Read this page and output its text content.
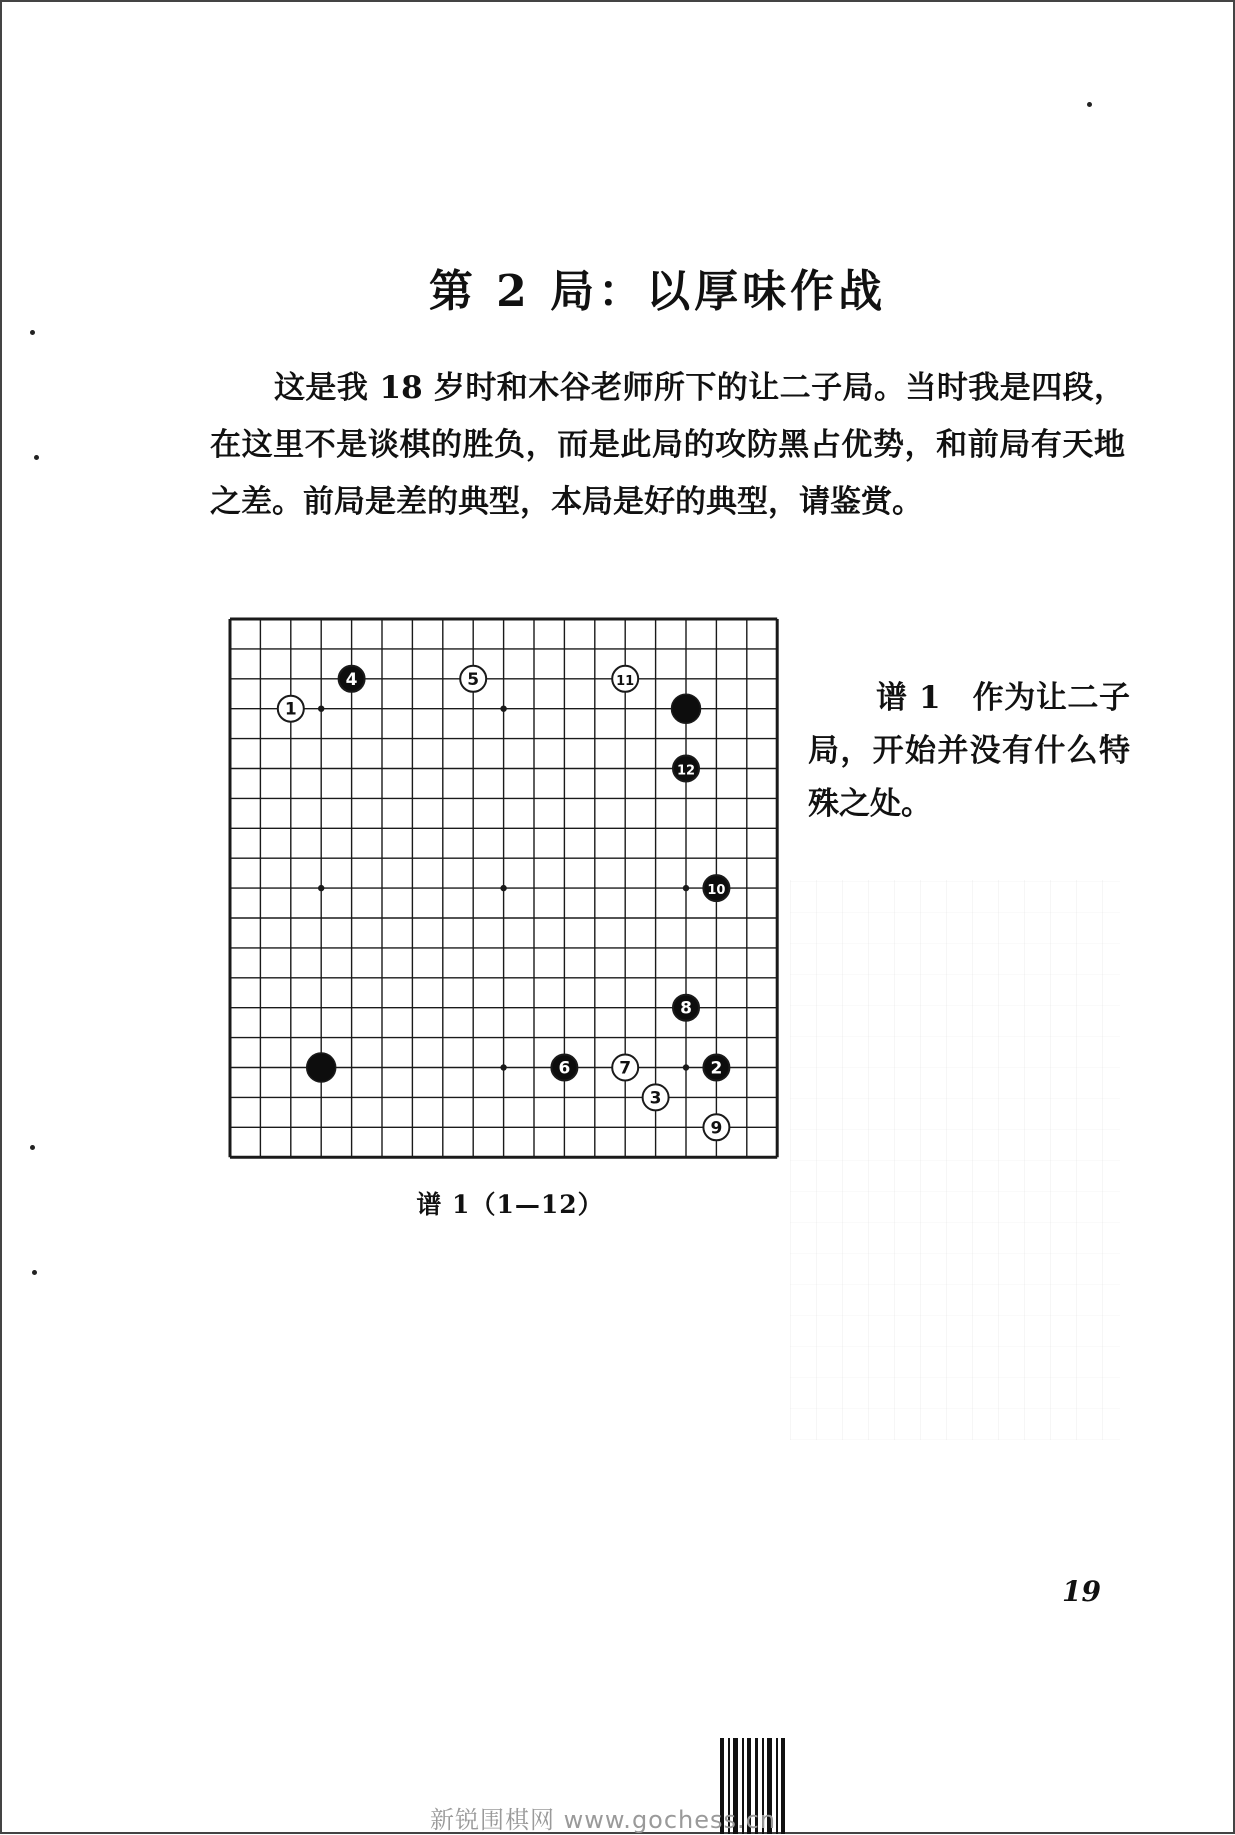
第 2 局：以厚味作战
这是我 18 岁时和木谷老师所下的让二子局。当时我是四段，在这里不是谈棋的胜负，而是此局的攻防黑占优势，和前局有天地之差。前局是差的典型，本局是好的典型，请鉴赏。
1
2
3
4	5
6	7
8
9
10
11
12
谱 1（1—12）
谱 1　作为让二子局，开始并没有什么特殊之处。
19
新锐围棋网 www.gochess.cn
